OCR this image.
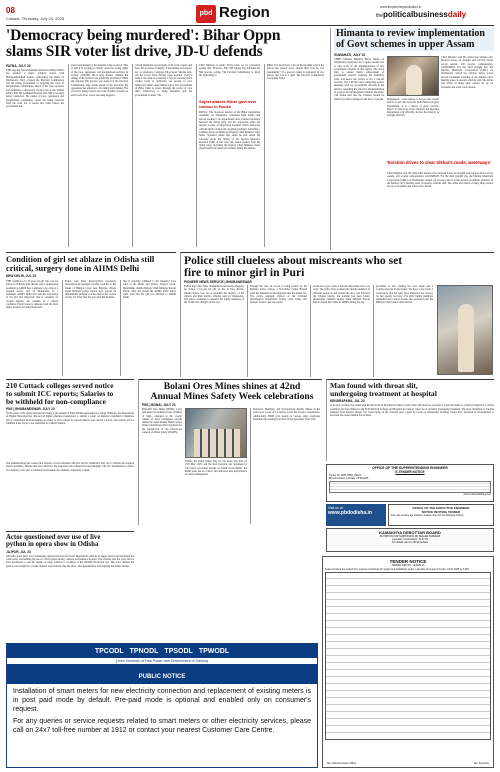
08
Cuttack, Thursday, July 24, 2025
pbd Region	www.thepioneerpublication.in
thepoliticalbusinessdaily
'Democracy being murdered': Bihar Oppn
slams SIR voter list drive, JD-U defends
PATNA, JULY 23
THE ongoing Special Intensive Revision (SIR) in Bihar has sparked a major political storm, with Mahagathbandhan leaders confronting the NDA on Wednesday. They accused the Election Commission and the ruling government of targeting the votes of marginalised communities ahead of the state elections and demanded a discussion on the issue in the Vidhan Sabha. RJD MLA Mukesh Roshan said, SIR is wrongly being conducted. The names of poor, oppressed, and marginalised community voters are being removed from the voter list. It seems that some where, the government has
scared and shaken by the mandate it has received. That is why it is working to merely erase the voting rights of the poor, oppressed, and marginalised sections of society. CPI(ML) MLA Ajay Kumar claimed the timing of the revision was politically motivated. While the ongoing SIR process was started by the Election Commission, only weeks ahead of the elections, the opposition has objected to its timing and framing. The process is being carried out in the months of monsoon and floods. Poor voters are being targeted.
current shameless government, both at the Centre and here, has no sense of dignity. It has neither self-respect nor a conscience. Congress MLA Ajeet Sharma said, All the issues have already been decided. Today's issue is the same as yesterday's. We are wearing black clothes today to symbolise our protest to save democracy, RJD's Arun Mehta stated. The government of Bihar came to power through the power of vote theft. Democracy is being murdered and the government is silent. The
Chief Minister is silent. That's what we are protesting against this. However, JDU MP Sanjay Jha defended the SIR process, saying, The Election Commission is doing the right thing in
Sujeet attacks Bihar govt over rumour in House
PATNA: The monsoon session of the Bihar Legislative Assembly on Wednesday witnessed high drama and uproar, leading to an adjournment after a heated exchange between the ruling party and the opposition. After the session, Leader of Opposition Tejashwi Yadav interacted with the media outside the assembly premises, launching a scathing attack on Nitish and Deputy Chief Minister Vijay Sinha. Tejashwi asked that while he had raised his concerns about the timing of the Special Intensive Revision (SIR) of the voter list, senior leaders from the ruling party, including the Deputy Chief Minister, made objectionable and indecent remarks during his address.
Bihar. You need fewer votes in the morning even if the person has passed away, should their vote be cast fraudulently? If a person's name is registered in two places, one vote is a right. The Election Commission is stopping fraud.
Himanta to review implementation of Govt schemes in upper Assam
GUWAHATI, JULY 23
CHIEF Minister Himanta Biswa Sarma on Wednesday began his tour to upper Assam area to take stock of the implementation of key government schemes in that region. The move aims to ensure timely achievement of government projects targeting the Assembly polls, and hence the review is not a one-off exercise. The CM has been conducting review meetings with top government officials in the districts regarding the effective implementation of projects and development schemes. Recently, CM Sarma said that the schemes should be aimed at positive changes in the lives of people. Bongaigaon - from remote to 42 per cent overall deficit, as per data from the India Meteorological Department. It is a matter of great concern. Board. To take note of the situation, the Revenue Department will officially declare the districts as drought-affected.
'Eviction drives to clear Sikhar's roads, waterways'
Chief Minister said. He added that farmers who incurred losses on drought and eviction drives across Assam, will receive compensation. GUWAHATI: For the third straight day, the Sikchar Municipal Corporation (SMC) on Wednesday carried out eviction drives across several prominent stretches of the Sikchar city's bustling areas. In Assam, officials said. The tables and chairs of many shop owners set up on footpaths and roads were cleared.
Chief Minister said. He added that farmers who incurred losses on drought and eviction drives across Assam, will receive compensation. GUWAHATI: For the third straight day, the Sikchar Municipal Corporation (SMC) on Wednesday carried out eviction drives across several prominent stretches of the Sikchar city's bustling areas. In Assam, officials said. The tables and chairs of many shop owners set up on footpaths and roads were cleared.
Condition of girl set ablaze in Odisha still
critical, surgery done in AIIMS Delhi
NEW DELHI, JUL 23
THE condition of a 15-year-old girl who was set ablaze in Odisha's Puri district and is undergoing treatment at AIIMS here continues to be critical, a hospital source said on Wednesday. In a statement, AIIMS Delhi also said the well-being of the girl had improved. She is currently on oxygen support, but remains in a critical condition. Facial tissue is damaged and the burn injury progress is being monitored.
Police said three motorcyclists reportedly intercepted the teenager, forcibly took her to the banks of Bhargavi river near Bayabar village under Balanga police station area, poured an inflammable substance on her, and set her on fire on July 19. They fled the spot after the incident.
She is currently admitted to the Intensive Care Unit of the Burns and Plastic Surgery block. Meanwhile, Odisha Deputy Chief Minister Pravati Parida, after she visited the AIIMS burns injury team, said that the girl was airlifted to AIIMS Delhi.
Police still clueless about miscreants who set
fire to minor girl in Puri
PIONEER NEWS SERVICE | BHUBANESWAR
FOUR days after three unidentified miscreants allegedly set ablaze a 15-year-old girl on fire in Puri district, Odisha Police was yet to establish the identity of the culprits and their motive, officials said on Wednesday. The police continued to question the family members of the victim and villagers in the area.
Though the case on record is being probed by the Balanga police station, a November Crime Branch team has launched an investigation into the matter too. The police engaged officers of the Criminal Investigation Department (CID), cyber crime cell, forensic science and dog squad.
all efforts to get a clue to nab the miscreants, but to no avail. The police have scanned the mobile numbers of different people in and around the area, and followed the villages nearby, but nothing has been found. Meanwhile, Odisha's Deputy Chief Minister Pravati Parida visited the victim in AIIMS during the day.
procedure of also drafting the force made and a scoring exercise in the matter. We have a few leads, I could know that her parts have indicated. Let us pray for her speedy recovery. The girl's family members demanded strict action. People also protested near the Bhargavi river bank in Puri district.
210 Cuttack colleges served notice
to submit ICC reports; Salaries to
be withheld for non-compliance
PNS | BHUBANESWAR, JULY 23
IN the wake of the recent incident involving a girl student of Fakir Mohan Autonomous College, Balasore, the Department of Higher Education has directed all higher education institutions to submit a report on Internal Complaints Committee (ICC) constitution and functioning. As many as 210 colleges in Cuttack district were served a notice, and salaries will be withheld if the report is not submitted in a timely fashion.
The administration has warned that salaries of non-compliant officials will be withheld if they fail to furnish the required reports promptly. Despite this strict directive, the response from colleges has been sluggish. The ICC mechanism is critical for ensuring a safe and accountable environment for students, especially women.
Actor questioned over use of live
python in opera show in Odisha
JAJPUR, JUL 23
AN Odia opera party actor Wednesday appeared before the Forest Department officials in Jajpur district and explained the controversy surrounding the use of a live python during a theatre performance in April. The officials said the actor did not have permission to use the reptile on stage, which is a violation of the Wildlife Protection Act. The actor claimed the python was brought by a snake charmer and returned after the show. The department is investigating the matter further.
Bolani Ores Mines shines at 42nd
Annual Mines Safety Week celebrations
PNS | BONAI, JULY 23
BOLANI Ores Mines (BOM), a key unit under the Odisha Group of Mines of SAIL, emerged as the overall winner of three prestigious awards during the 42nd Annual Mines Safety Week Celebrations 2024 organised for the Jurisdiction of the Directorate General of Mines Safety (DGMS).
Earlier, the Zonal Safety Day for the event was held on 27th May 2025, and the final function was organised by Tata Steel. Accepting awards on behalf of the Mines, the BOM team put on a show and delivered best performance in safety management.
Explosive Handling, and Occupational Health. Mines in the event won a total of 14 awards across the Group Competitions. Additionally, BOM won awards in various other categories including the winning first prize in the Operation Trade Test.
Man found with throat slit,
undergoing treatment at hospital
KENDRAPARA, JUL 23
A 43-year-old man was found with his throat slit in Kendrapara district, police said. The man was rescued by locals and taken to a nearby hospital in a critical condition and later shifted to the SCB Medical College and Hospital in Cuttack, where he is currently undergoing treatment. The man, identified as Sarojini Samanta from Kusuni village, was found lying on the roadside near a pond by locals on Wednesday morning. Police have launched an investigation to ascertain the reason behind the incident.
OFFICE OF THE SUPERINTENDING ENGINEER
E-TENDER NOTICE
Tender ID: 2025_PWD_89123
Bid submission end date: 05.08.2025
www.tendersodisha.gov.in
Visit us at
www.pbdodisha.in
OFFICE OF THE EXECUTIVE ENGINEER
NOTICE INVITING TENDER
Item rate tenders are invited in sealed cover for the following work(s)
KAMAKHYA DEBOTTAR BOARD
INVITATION FOR SUBMISSION OF SEALED TENDERS
Last date of submission: 31.07.25
For details visit the official website
TPCODL TPNODL TPSODL TPWODL
(Joint Ventures of Tata Power and Government of Odisha)
PUBLIC NOTICE
Installation of smart meters for new electricity connection and replacement of existing meters is in post paid mode by default. Pre-paid mode is optional and enabled only on consumer's request.
For any queries or service requests related to smart meters or other electricity services, please call on 24x7 toll-free number at 1912 or contact your nearest Customer Care Centre.
TENDER NOTICE
TENDER REF NO: 12/2025-26
Sealed tenders are invited from reputed contractors for supply and installation works. Last date of receipt of tender: 31.07.2025 by 5 PM.
Sd/- Chief Executive Officer	Sd/- Secretary
